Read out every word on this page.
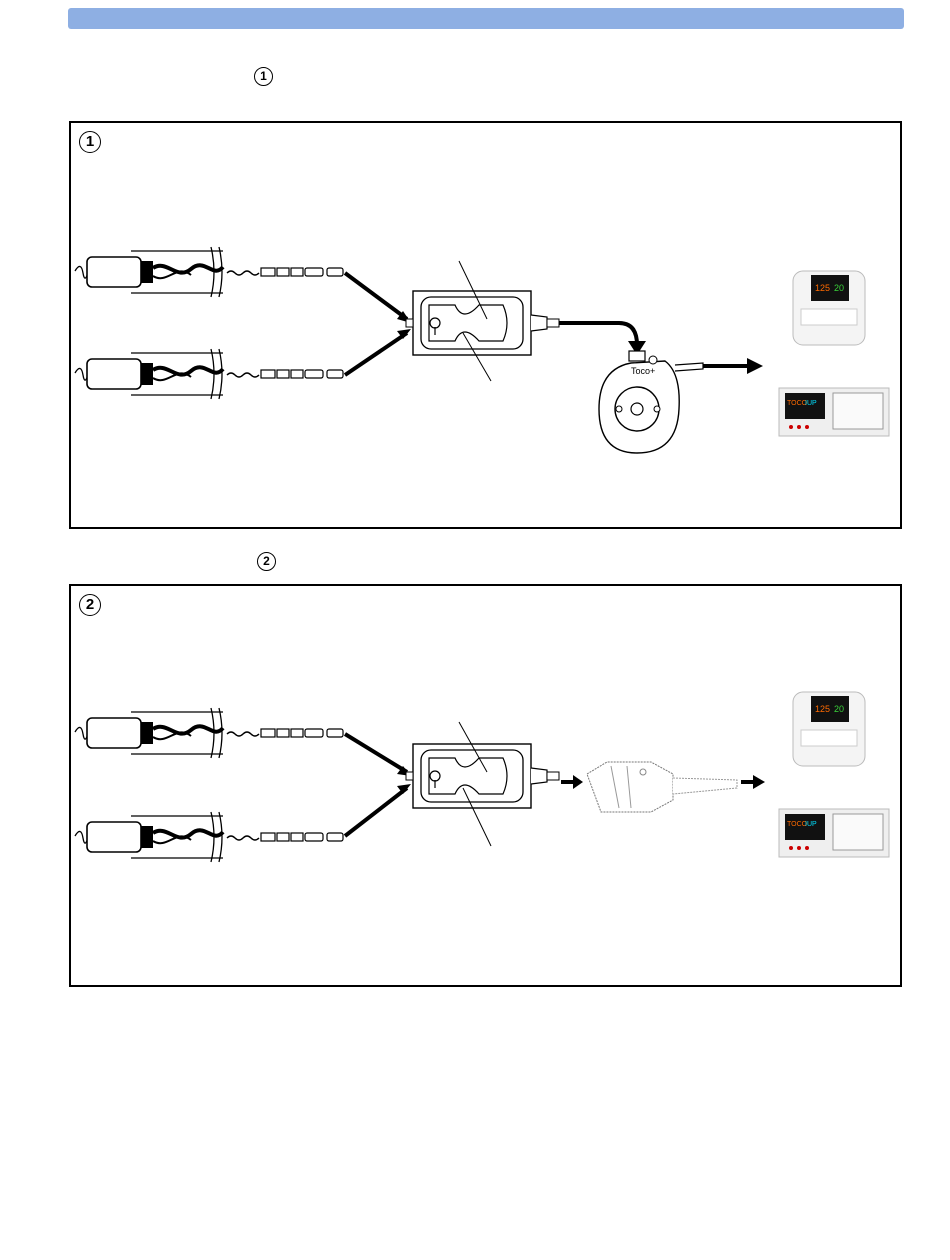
1
2
1
Toco+
2
125 20
TOCO
IUP
